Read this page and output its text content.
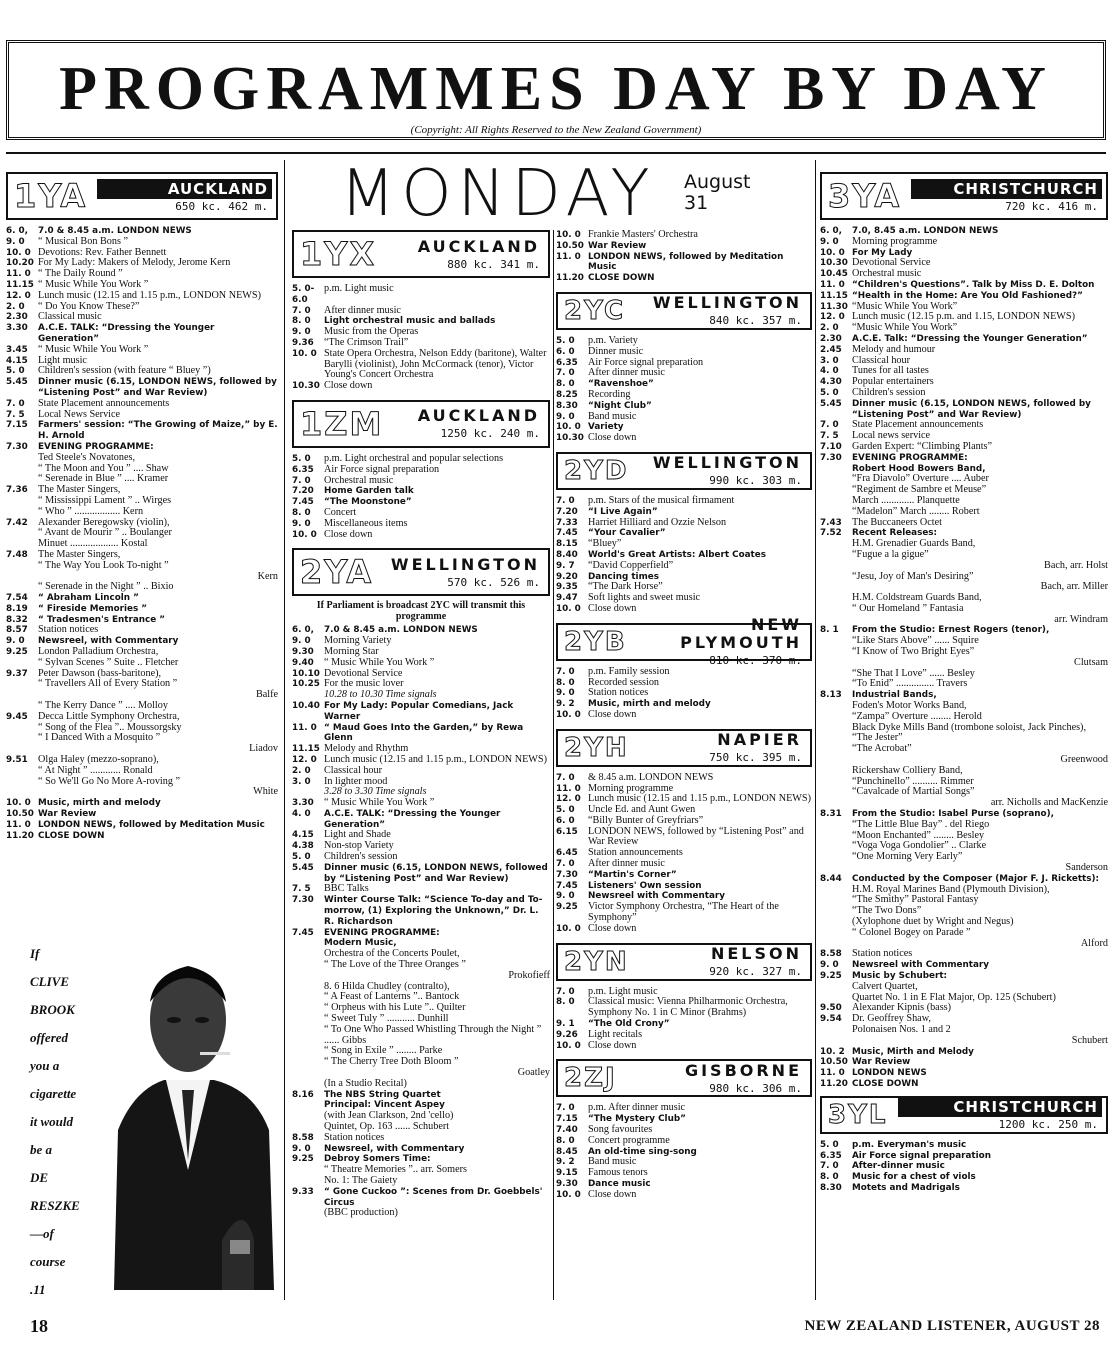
PROGRAMMES DAY BY DAY
(Copyright: All Rights Reserved to the New Zealand Government)
MONDAY August
31
1YA	AUCKLAND
650 kc. 462 m.
6. 0,	7.0 & 8.45 a.m. LONDON NEWS
9. 0	“ Musical Bon Bons ”
10. 0 Devotions: Rev. Father Bennett
10.20 For My Lady: Makers of Melody, Jerome Kern
11. 0 “ The Daily Round ”
11.15 “ Music While You Work ”
12. 0 Lunch music (12.15 and 1.15 p.m., LONDON NEWS)
2. 0	“ Do You Know These?”
2.30	Classical music
3.30	A.C.E. TALK: “Dressing the Younger Generation”
3.45	“ Music While You Work ”
4.15	Light music
5. 0	Children's session (with feature “ Bluey ”)
5.45	Dinner music (6.15, LONDON NEWS, followed by “Listening Post” and War Review)
7. 0	State Placement announcements
7. 5	Local News Service
7.15	Farmers' session: “The Growing of Maize,” by E. H. Arnold
7.30	EVENING PROGRAMME:
Ted Steele's Novatones,
“ The Moon and You ” .... Shaw
“ Serenade in Blue ” .... Kramer
7.36	The Master Singers,
“ Mississippi Lament ” .. Wirges
“ Who ” .................. Kern
7.42	Alexander Beregowsky (violin),
“ Avant de Mourir ” .. Boulanger
Minuet ................... Kostal
7.48	The Master Singers,
“ The Way You Look To-night ”
Kern
“ Serenade in the Night ” .. Bixio
7.54	“ Abraham Lincoln ”
8.19	“ Fireside Memories ”
8.32	“ Tradesmen's Entrance ”
8.57	Station notices
9. 0	Newsreel, with Commentary
9.25	London Palladium Orchestra,
“ Sylvan Scenes ” Suite .. Fletcher
9.37	Peter Dawson (bass-baritone),
“ Travellers All of Every Station ”
Balfe
“ The Kerry Dance ” .... Molloy
9.45	Decca Little Symphony Orchestra,
“ Song of the Flea ”.. Moussorgsky
“ I Danced With a Mosquito ”
Liadov
9.51	Olga Haley (mezzo-soprano),
“ At Night ” ............ Ronald
“ So We'll Go No More A-roving ”
White
10. 0 Music, mirth and melody
10.50 War Review
11. 0 LONDON NEWS, followed by Meditation Music
11.20 CLOSE DOWN
If
CLIVE
BROOK
offered
you a
cigarette
it would
be a
DE
RESZKE
—of
course
.11
1YX	AUCKLAND
880 kc. 341 m.
5. 0-6.0
p.m. Light music
7. 0	After dinner music
8. 0	Light orchestral music and ballads
9. 0	Music from the Operas
9.36	“The Crimson Trail”
10. 0 State Opera Orchestra, Nelson Eddy (baritone), Walter Barylli (violinist), John McCormack (tenor), Victor Young's Concert Orchestra
10.30 Close down
1ZM	AUCKLAND
1250 kc. 240 m.
5. 0	p.m. Light orchestral and popular selections
6.35	Air Force signal preparation
7. 0	Orchestral music
7.20	Home Garden talk
7.45	“The Moonstone”
8. 0	Concert
9. 0	Miscellaneous items
10. 0 Close down
2YA	WELLINGTON
570 kc. 526 m.
If Parliament is broadcast 2YC will transmit this programme
6. 0,	7.0 & 8.45 a.m. LONDON NEWS
9. 0	Morning Variety
9.30	Morning Star
9.40	“ Music While You Work ”
10.10 Devotional Service
10.25 For the music lover
10.28 to 10.30 Time signals
10.40 For My Lady: Popular Comedians, Jack Warner
11. 0 “ Maud Goes Into the Garden,” by Rewa Glenn
11.15 Melody and Rhythm
12. 0 Lunch music (12.15 and 1.15 p.m., LONDON NEWS)
2. 0	Classical hour
3. 0	In lighter mood
3.28 to 3.30 Time signals
3.30	“ Music While You Work ”
4. 0	A.C.E. TALK: “Dressing the Younger Generation”
4.15	Light and Shade
4.38	Non-stop Variety
5. 0	Children's session
5.45	Dinner music (6.15, LONDON NEWS, followed by “Listening Post” and War Review)
7. 5	BBC Talks
7.30	Winter Course Talk: “Science To-day and To-morrow, (1) Exploring the Unknown,” Dr. L. R. Richardson
7.45	EVENING PROGRAMME:
Modern Music,
Orchestra of the Concerts Poulet,
“ The Love of the Three Oranges ”
Prokofieff
8. 6 Hilda Chudley (contralto),
“ A Feast of Lanterns ”.. Bantock
“ Orpheus with his Lute ”.. Quilter
“ Sweet Tuly ” ........... Dunhill
“ To One Who Passed Whistling Through the Night ” ...... Gibbs
“ Song in Exile ” ........ Parke
“ The Cherry Tree Doth Bloom ”
Goatley
(In a Studio Recital)
8.16	The NBS String Quartet
Principal: Vincent Aspey
(with Jean Clarkson, 2nd 'cello)
Quintet, Op. 163 ...... Schubert
8.58	Station notices
9. 0	Newsreel, with Commentary
9.25	Debroy Somers Time:
“ Theatre Memories ”.. arr. Somers
No. 1: The Gaiety
9.33	“ Gone Cuckoo ”: Scenes from Dr. Goebbels' Circus
(BBC production)
10. 0 Frankie Masters' Orchestra
10.50 War Review
11. 0 LONDON NEWS, followed by Meditation Music
11.20 CLOSE DOWN
2YC	WELLINGTON
840 kc. 357 m.
5. 0	p.m. Variety
6. 0	Dinner music
6.35	Air Force signal preparation
7. 0	After dinner music
8. 0	“Ravenshoe”
8.25	Recording
8.30	“Night Club”
9. 0	Band music
10. 0 Variety
10.30 Close down
2YD	WELLINGTON
990 kc. 303 m.
7. 0	p.m. Stars of the musical firmament
7.20	“I Live Again”
7.33	Harriet Hilliard and Ozzie Nelson
7.45	“Your Cavalier”
8.15	“Bluey”
8.40	World's Great Artists: Albert Coates
9. 7	“David Copperfield”
9.20	Dancing times
9.35	“The Dark Horse”
9.47	Soft lights and sweet music
10. 0 Close down
2YB
NEW PLYMOUTH
810 kc. 370 m.
7. 0	p.m. Family session
8. 0	Recorded session
9. 0	Station notices
9. 2	Music, mirth and melody
10. 0 Close down
2YH	NAPIER
750 kc. 395 m.
7. 0	& 8.45 a.m. LONDON NEWS
11. 0 Morning programme
12. 0 Lunch music (12.15 and 1.15 p.m., LONDON NEWS)
5. 0	Uncle Ed. and Aunt Gwen
6. 0	“Billy Bunter of Greyfriars”
6.15	LONDON NEWS, followed by “Listening Post” and War Review
6.45	Station announcements
7. 0	After dinner music
7.30	“Martin's Corner”
7.45	Listeners' Own session
9. 0	Newsreel with Commentary
9.25	Victor Symphony Orchestra, “The Heart of the Symphony”
10. 0 Close down
2YN	NELSON
920 kc. 327 m.
7. 0	p.m. Light music
8. 0	Classical music: Vienna Philharmonic Orchestra, Symphony No. 1 in C Minor (Brahms)
9. 1	“The Old Crony”
9.26	Light recitals
10. 0 Close down
2ZJ	GISBORNE
980 kc. 306 m.
7. 0	p.m. After dinner music
7.15	“The Mystery Club”
7.40	Song favourites
8. 0	Concert programme
8.45	An old-time sing-song
9. 2	Band music
9.15	Famous tenors
9.30	Dance music
10. 0 Close down
3YA	CHRISTCHURCH
720 kc. 416 m.
6. 0,	7.0, 8.45 a.m. LONDON NEWS
9. 0	Morning programme
10. 0 For My Lady
10.30 Devotional Service
10.45 Orchestral music
11. 0 “Children's Questions”. Talk by Miss D. E. Dolton
11.15 “Health in the Home: Are You Old Fashioned?”
11.30 “Music While You Work”
12. 0 Lunch music (12.15 p.m. and 1.15, LONDON NEWS)
2. 0	“Music While You Work”
2.30	A.C.E. Talk: “Dressing the Younger Generation”
2.45	Melody and humour
3. 0	Classical hour
4. 0	Tunes for all tastes
4.30	Popular entertainers
5. 0	Children's session
5.45	Dinner music (6.15, LONDON NEWS, followed by “Listening Post” and War Review)
7. 0	State Placement announcements
7. 5	Local news service
7.10	Garden Expert: “Climbing Plants”
7.30	EVENING PROGRAMME:
Robert Hood Bowers Band,
“Fra Diavolo” Overture .... Auber
“Regiment de Sambre et Meuse”
March ............. Planquette
“Madelon” March ........ Robert
7.43	The Buccaneers Octet
7.52	Recent Releases:
H.M. Grenadier Guards Band,
“Fugue a la gigue”
Bach, arr. Holst
“Jesu, Joy of Man's Desiring”
Bach, arr. Miller
H.M. Coldstream Guards Band,
“ Our Homeland ” Fantasia
arr. Windram
8. 1	From the Studio: Ernest Rogers (tenor),
“Like Stars Above” ...... Squire
“I Know of Two Bright Eyes”
Clutsam
“She That I Love” ...... Besley
“To Enid” ............... Travers
8.13	Industrial Bands,
Foden's Motor Works Band,
“Zampa” Overture ........ Herold
Black Dyke Mills Band (trombone soloist, Jack Pinches),
“The Jester”
“The Acrobat”
Greenwood
Rickershaw Colliery Band,
“Punchinello” .......... Rimmer
“Cavalcade of Martial Songs”
arr. Nicholls and MacKenzie
8.31	From the Studio: Isabel Purse (soprano),
“The Little Blue Bay” . del Riego
“Moon Enchanted” ........ Besley
“Voga Voga Gondolier” .. Clarke
“One Morning Very Early”
Sanderson
8.44	Conducted by the Composer (Major F. J. Ricketts):
H.M. Royal Marines Band (Plymouth Division),
“The Smithy” Pastoral Fantasy
“The Two Dons”
(Xylophone duet by Wright and Negus)
“ Colonel Bogey on Parade ”
Alford
8.58	Station notices
9. 0	Newsreel with Commentary
9.25	Music by Schubert:
Calvert Quartet,
Quartet No. 1 in E Flat Major, Op. 125 (Schubert)
9.50	Alexander Kipnis (bass)
9.54	Dr. Geoffrey Shaw,
Polonaisen Nos. 1 and 2
Schubert
10. 2 Music, Mirth and Melody
10.50 War Review
11. 0 LONDON NEWS
11.20 CLOSE DOWN
3YL	CHRISTCHURCH
1200 kc. 250 m.
5. 0	p.m. Everyman's music
6.35	Air Force signal preparation
7. 0	After-dinner music
8. 0	Music for a chest of viols
8.30	Motets and Madrigals
18	NEW ZEALAND LISTENER, AUGUST 28
